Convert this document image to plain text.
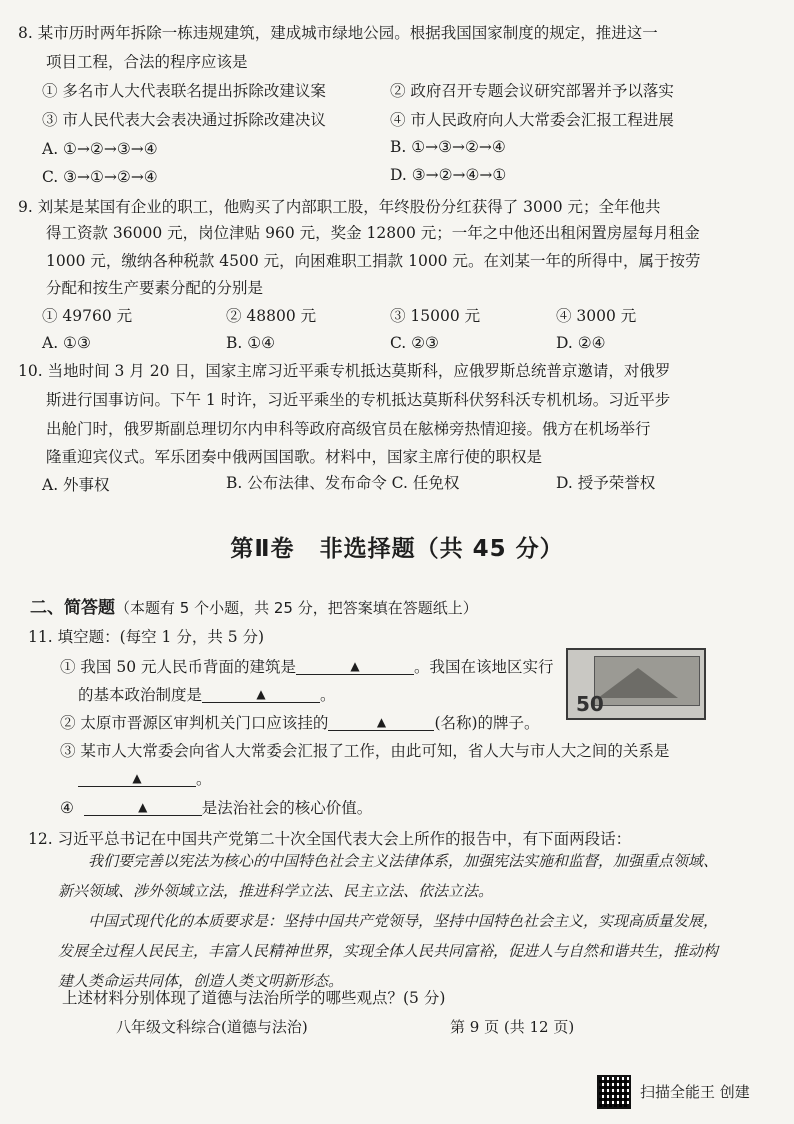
8. 某市历时两年拆除一栋违规建筑，建成城市绿地公园。根据我国国家制度的规定，推进这一
项目工程，合法的程序应该是
① 多名市人大代表联名提出拆除改建议案	② 政府召开专题会议研究部署并予以落实
③ 市人民代表大会表决通过拆除改建决议	④ 市人民政府向人大常委会汇报工程进展
A. ①→②→③→④	B. ①→③→②→④
C. ③→①→②→④	D. ③→②→④→①
9. 刘某是某国有企业的职工，他购买了内部职工股，年终股份分红获得了 3000 元；全年他共
得工资款 36000 元，岗位津贴 960 元，奖金 12800 元；一年之中他还出租闲置房屋每月租金
1000 元，缴纳各种税款 4500 元，向困难职工捐款 1000 元。在刘某一年的所得中，属于按劳
分配和按生产要素分配的分别是
① 49760 元	② 48800 元	③ 15000 元	④ 3000 元
A. ①③	B. ①④	C. ②③	D. ②④
10. 当地时间 3 月 20 日，国家主席习近平乘专机抵达莫斯科，应俄罗斯总统普京邀请，对俄罗
斯进行国事访问。下午 1 时许，习近平乘坐的专机抵达莫斯科伏努科沃专机机场。习近平步
出舱门时，俄罗斯副总理切尔内申科等政府高级官员在舷梯旁热情迎接。俄方在机场举行
隆重迎宾仪式。军乐团奏中俄两国国歌。材料中，国家主席行使的职权是
A. 外事权	B. 公布法律、发布命令 C. 任免权	D. 授予荣誉权
第Ⅱ卷 非选择题（共 45 分）
二、简答题（本题有 5 个小题，共 25 分，把答案填在答题纸上）
11. 填空题：(每空 1 分，共 5 分)
① 我国 50 元人民币背面的建筑是	▲	。我国在该地区实行
的基本政治制度是	▲	。	50
② 太原市晋源区审判机关门口应该挂的	▲	(名称)的牌子。
③ 某市人大常委会向省人大常委会汇报了工作，由此可知，省人大与市人大之间的关系是
▲	。
④	▲	是法治社会的核心价值。
12. 习近平总书记在中国共产党第二十次全国代表大会上所作的报告中，有下面两段话：
我们要完善以宪法为核心的中国特色社会主义法律体系，加强宪法实施和监督，加强重点领域、新兴领域、涉外领域立法，推进科学立法、民主立法、依法立法。
中国式现代化的本质要求是：坚持中国共产党领导，坚持中国特色社会主义，实现高质量发展，发展全过程人民民主，丰富人民精神世界，实现全体人民共同富裕，促进人与自然和谐共生，推动构建人类命运共同体，创造人类文明新形态。
上述材料分别体现了道德与法治所学的哪些观点？(5 分)
八年级文科综合(道德与法治)	第 9 页 (共 12 页)
扫描全能王 创建
